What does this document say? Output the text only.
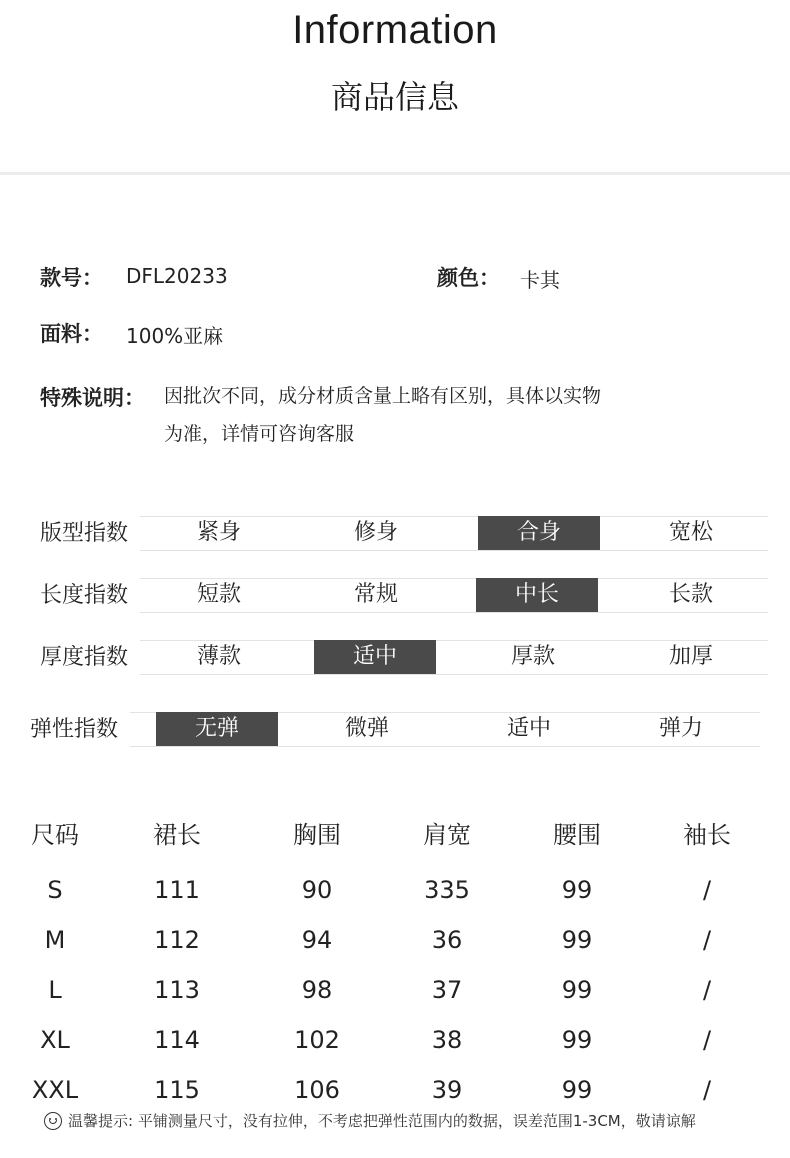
Information
商品信息
款号： DFL20233	颜色： 卡其
面料： 100%亚麻
特殊说明： 因批次不同，成分材质含量上略有区别，具体以实物
为准，详情可咨询客服
版型指数	紧身	修身	合身	宽松
长度指数	短款	常规	中长	长款
厚度指数	薄款	适中	厚款	加厚
弹性指数	无弹	微弹	适中	弹力
尺码	裙长	胸围	肩宽	腰围	袖长
S	111	90	335	99	/
M	112	94	36	99	/
L	113	98	37	99	/
XL	114	102	38	99	/
XXL	115	106	39	99	/
温馨提示: 平铺测量尺寸，没有拉伸，不考虑把弹性范围内的数据，误差范围1-3CM，敬请谅解
